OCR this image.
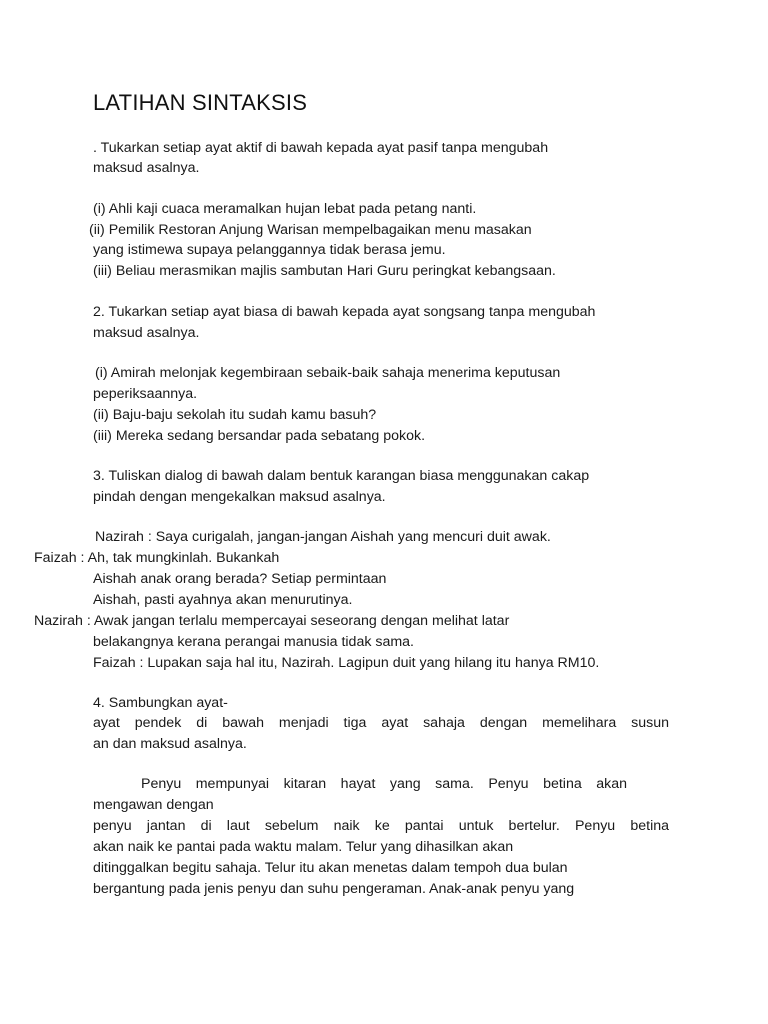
LATIHAN SINTAKSIS
. Tukarkan setiap ayat aktif di bawah kepada ayat pasif tanpa mengubah
maksud asalnya.
(i) Ahli kaji cuaca meramalkan hujan lebat pada petang nanti.
(ii) Pemilik Restoran Anjung Warisan mempelbagaikan menu masakan
yang istimewa supaya pelanggannya tidak berasa jemu.
(iii) Beliau merasmikan majlis sambutan Hari Guru peringkat kebangsaan.
2. Tukarkan setiap ayat biasa di bawah kepada ayat songsang tanpa mengubah
maksud asalnya.
(i) Amirah melonjak kegembiraan sebaik-baik sahaja menerima keputusan
peperiksaannya.
(ii) Baju-baju sekolah itu sudah kamu basuh?
(iii) Mereka sedang bersandar pada sebatang pokok.
3. Tuliskan dialog di bawah dalam bentuk karangan biasa menggunakan cakap
pindah dengan mengekalkan maksud asalnya.
Nazirah : Saya curigalah, jangan-jangan Aishah yang mencuri duit awak.
Faizah : Ah, tak mungkinlah. Bukankah
Aishah anak orang berada? Setiap permintaan
Aishah, pasti ayahnya akan menurutinya.
Nazirah : Awak jangan terlalu mempercayai seseorang dengan melihat latar
belakangnya kerana perangai manusia tidak sama.
Faizah : Lupakan saja hal itu, Nazirah. Lagipun duit yang hilang itu hanya RM10.
4. Sambungkan ayat-
ayat pendek di bawah menjadi tiga ayat sahaja dengan memelihara susun
an dan maksud asalnya.
Penyu mempunyai kitaran hayat yang sama. Penyu betina akan
mengawan dengan
penyu jantan di laut sebelum naik ke pantai untuk bertelur. Penyu betina
akan naik ke pantai pada waktu malam. Telur yang dihasilkan akan
ditinggalkan begitu sahaja. Telur itu akan menetas dalam tempoh dua bulan
bergantung pada jenis penyu dan suhu pengeraman. Anak-anak penyu yang
